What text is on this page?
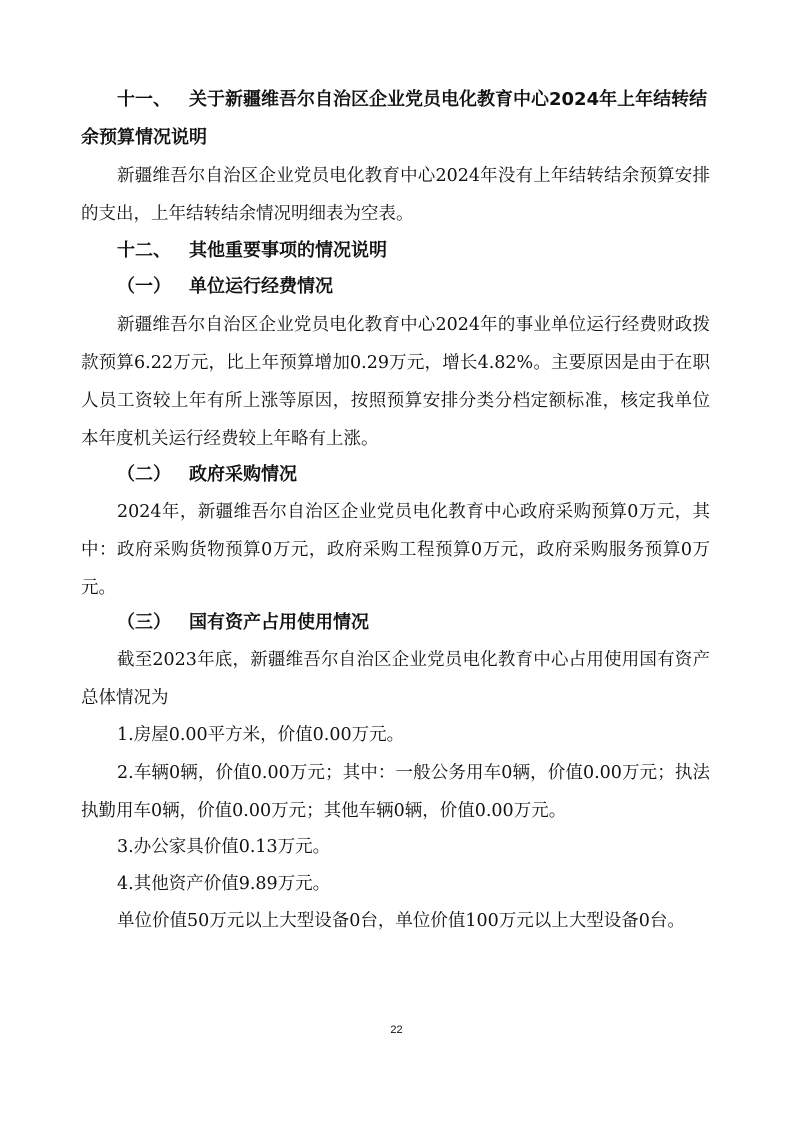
十一、 关于新疆维吾尔自治区企业党员电化教育中心2024年上年结转结余预算情况说明
新疆维吾尔自治区企业党员电化教育中心2024年没有上年结转结余预算安排的支出，上年结转结余情况明细表为空表。
十二、 其他重要事项的情况说明
（一） 单位运行经费情况
新疆维吾尔自治区企业党员电化教育中心2024年的事业单位运行经费财政拨款预算6.22万元，比上年预算增加0.29万元，增长4.82%。主要原因是由于在职人员工资较上年有所上涨等原因，按照预算安排分类分档定额标准，核定我单位本年度机关运行经费较上年略有上涨。
（二） 政府采购情况
2024年，新疆维吾尔自治区企业党员电化教育中心政府采购预算0万元，其中：政府采购货物预算0万元，政府采购工程预算0万元，政府采购服务预算0万元。
（三） 国有资产占用使用情况
截至2023年底，新疆维吾尔自治区企业党员电化教育中心占用使用国有资产总体情况为
1.房屋0.00平方米，价值0.00万元。
2.车辆0辆，价值0.00万元；其中：一般公务用车0辆，价值0.00万元；执法执勤用车0辆，价值0.00万元；其他车辆0辆，价值0.00万元。
3.办公家具价值0.13万元。
4.其他资产价值9.89万元。
单位价值50万元以上大型设备0台，单位价值100万元以上大型设备0台。
22
